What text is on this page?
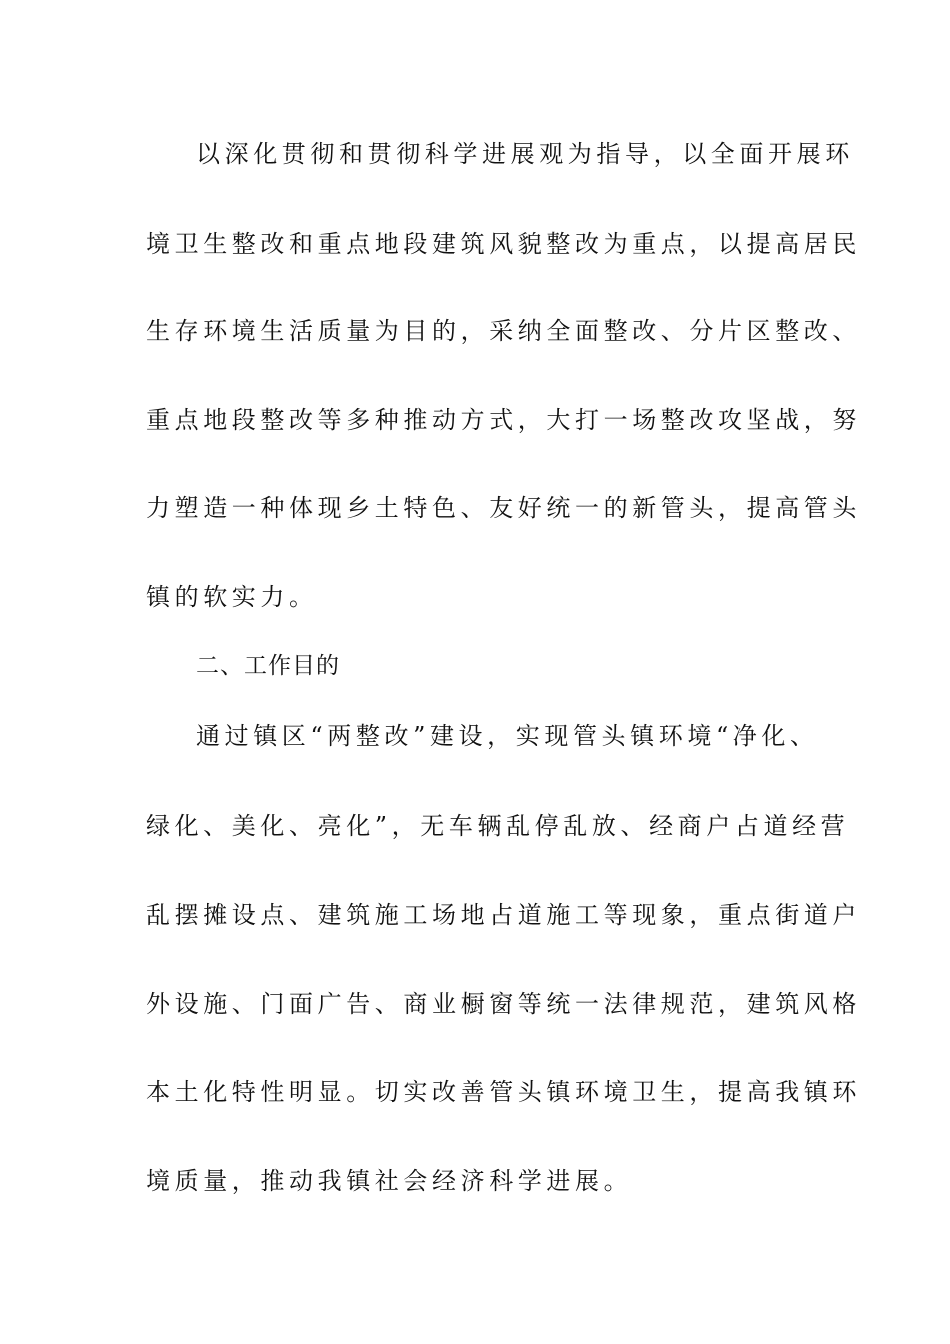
以深化贯彻和贯彻科学进展观为指导，以全面开展环
境卫生整改和重点地段建筑风貌整改为重点，以提高居民
生存环境生活质量为目的，采纳全面整改、分片区整改、
重点地段整改等多种推动方式，大打一场整改攻坚战，努
力塑造一种体现乡土特色、友好统一的新管头，提高管头
镇的软实力。
二、工作目的
通过镇区“两整改”建设，实现管头镇环境“净化、
绿化、美化、亮化”，无车辆乱停乱放、经商户占道经营
乱摆摊设点、建筑施工场地占道施工等现象，重点街道户
外设施、门面广告、商业橱窗等统一法律规范，建筑风格
本土化特性明显。切实改善管头镇环境卫生，提高我镇环
境质量，推动我镇社会经济科学进展。
